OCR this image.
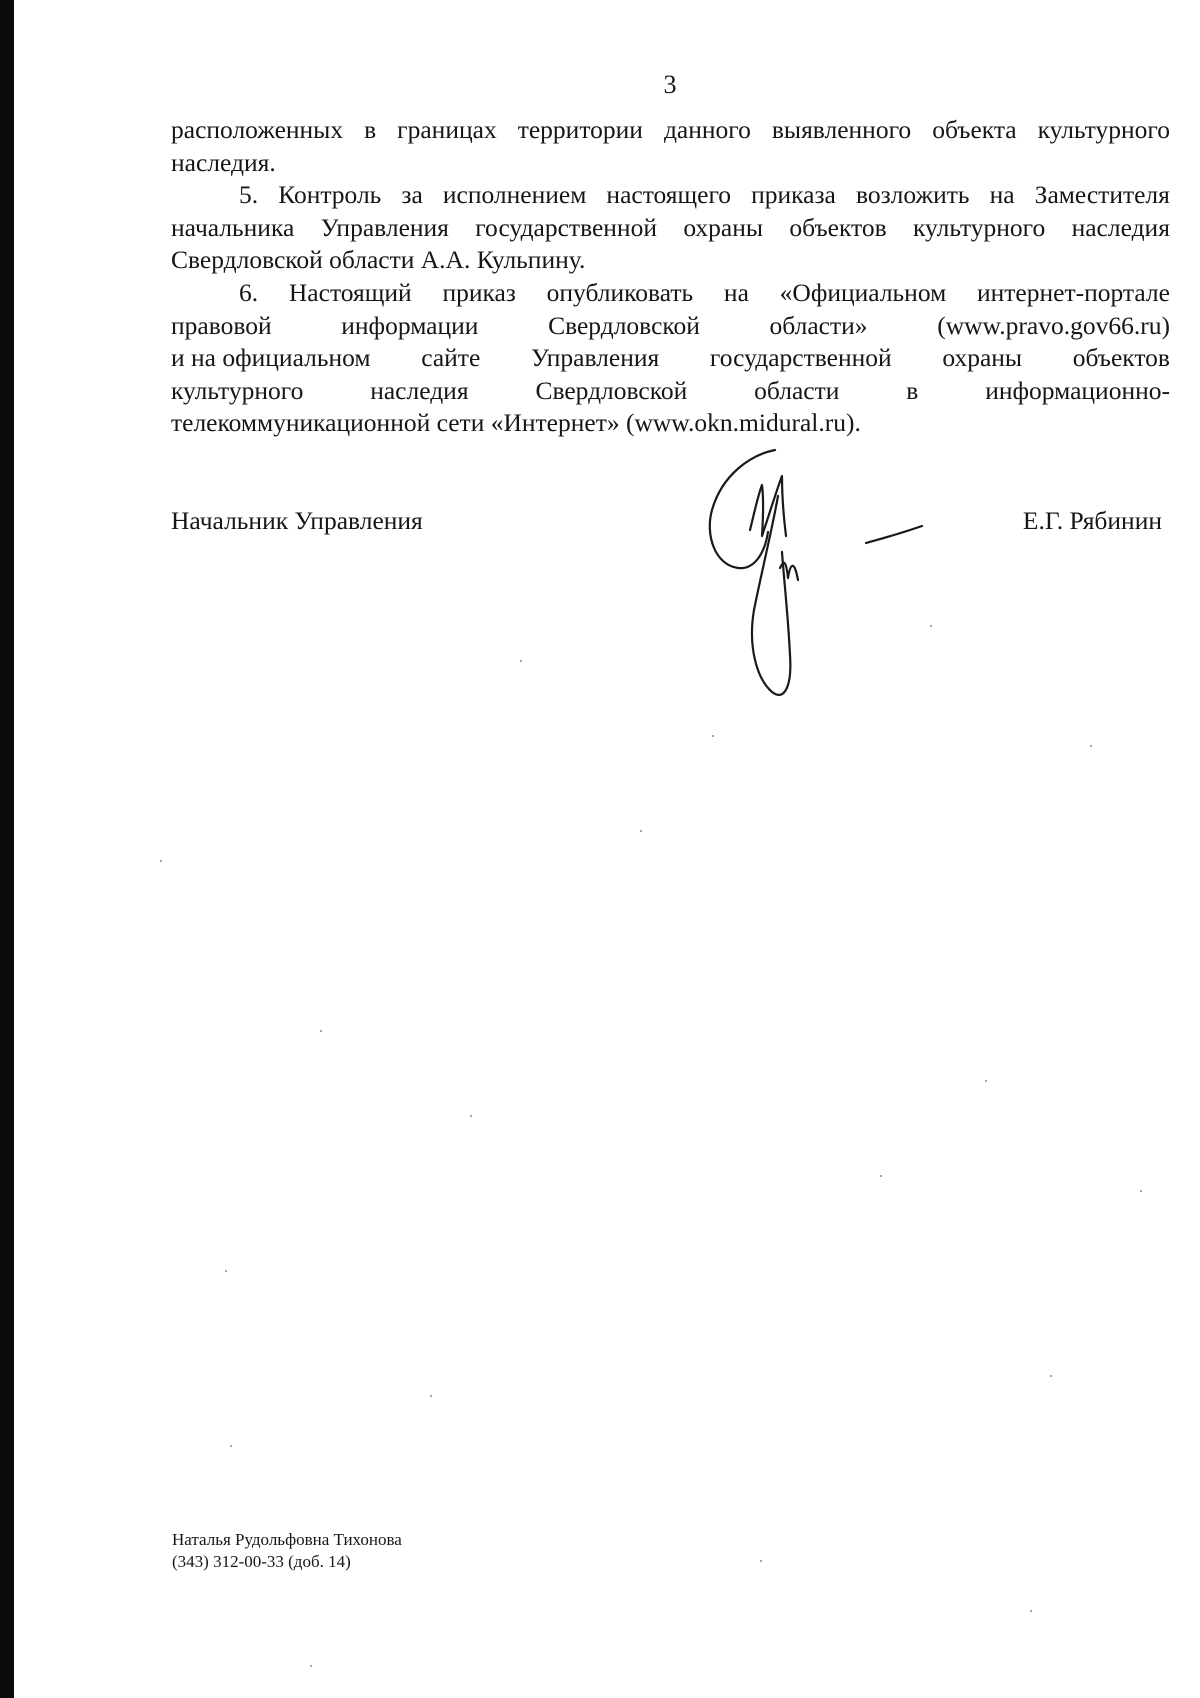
3
расположенных в границах территории данного выявленного объекта культурного
наследия.
5. Контроль за исполнением настоящего приказа возложить на Заместителя
начальника Управления государственной охраны объектов культурного наследия
Свердловской области А.А. Кульпину.
6. Настоящий приказ опубликовать на «Официальном интернет-портале
правовой	информации	Свердловской	области»	(www.pravo.gov66.ru)
и на официальном сайте Управления государственной охраны объектов
культурного	наследия	Свердловской	области	в	информационно-
телекоммуникационной сети «Интернет» (www.okn.midural.ru).
Начальник Управления	Е.Г. Рябинин
Наталья Рудольфовна Тихонова
(343) 312-00-33 (доб. 14)
